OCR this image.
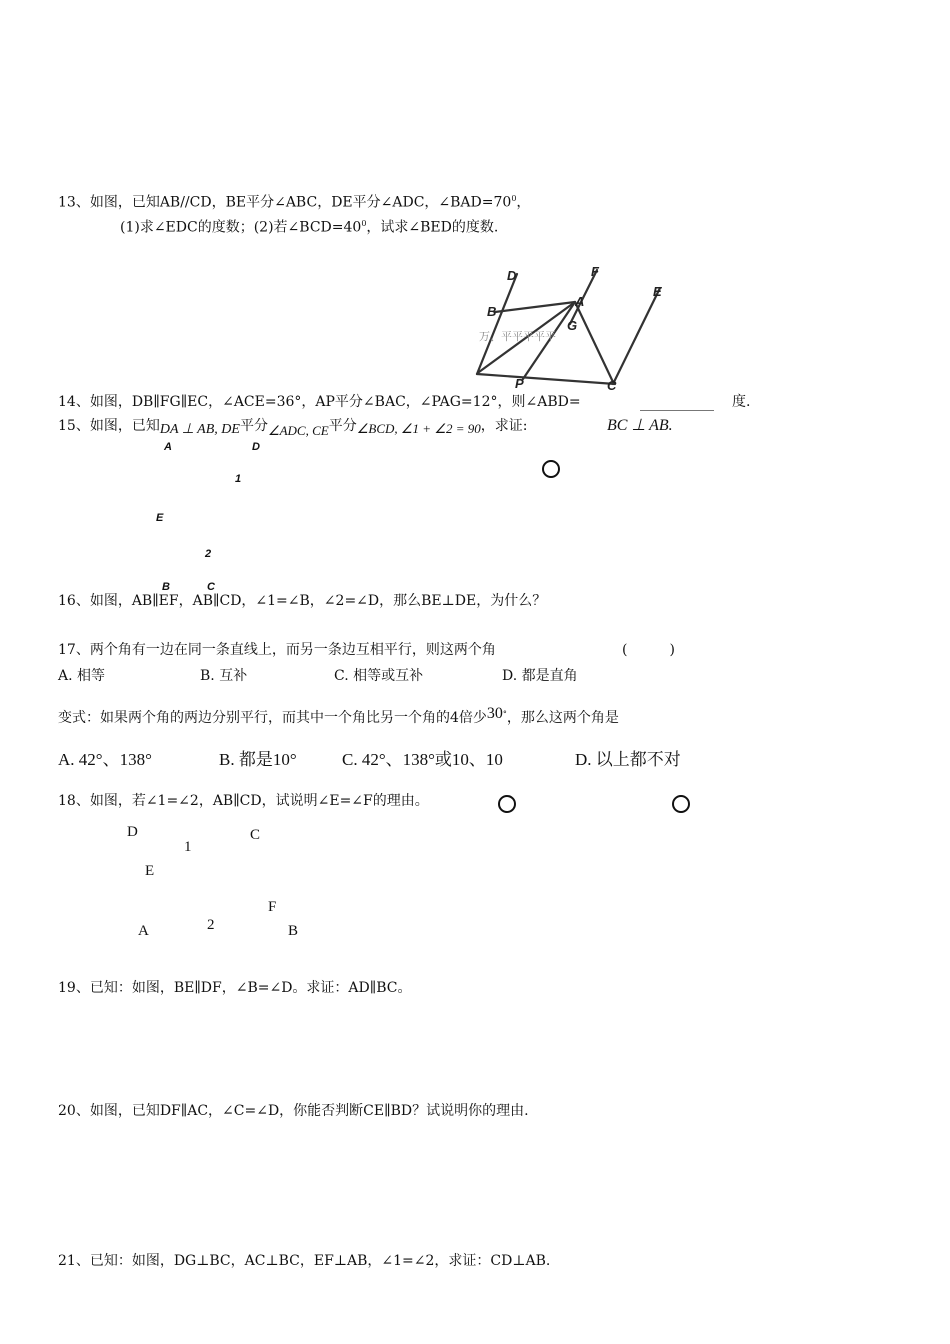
13、如图，已知AB//CD，BE平分∠ABC，DE平分∠ADC，$\angle BAD=70^0$，
(1)求∠EDC的度数；(2)若$\angle BCD=40^0$，试求∠BED的度数.
D	F
E
B
A
G
P	C
万、平平平平平
14、如图，DB∥FG∥EC，∠ACE=36°，AP平分∠BAC，∠PAG=12°，则∠ABD=	度.
15、如图，已知DA ⊥ AB, DE平分∠ADC, CE平分∠BCD, ∠1 + ∠2 = 90，求证:	BC ⊥ AB.
A	D
1
E
2
B	C
16、如图，AB∥EF，AB∥CD，∠1=∠B，∠2=∠D，那么BE⊥DE，为什么？
17、两个角有一边在同一条直线上，而另一条边互相平行，则这两个角	(　　　)
A. 相等	B. 互补	C. 相等或互补	D. 都是直角
变式：如果两个角的两边分别平行，而其中一个角比另一个角的4倍少30°，那么这两个角是
A. 42°、138°	B. 都是10°	C. 42°、138°或10、10	D. 以上都不对
18、如图，若∠1=∠2，AB∥CD，试说明∠E=∠F的理由。
D	C
1
E
F
2
A	B
19、已知：如图，BE∥DF，∠B=∠D。求证：AD∥BC。
20、如图，已知DF∥AC，∠C=∠D，你能否判断CE∥BD？试说明你的理由.
21、已知：如图，DG⊥BC，AC⊥BC，EF⊥AB，∠1=∠2，求证：CD⊥AB.
